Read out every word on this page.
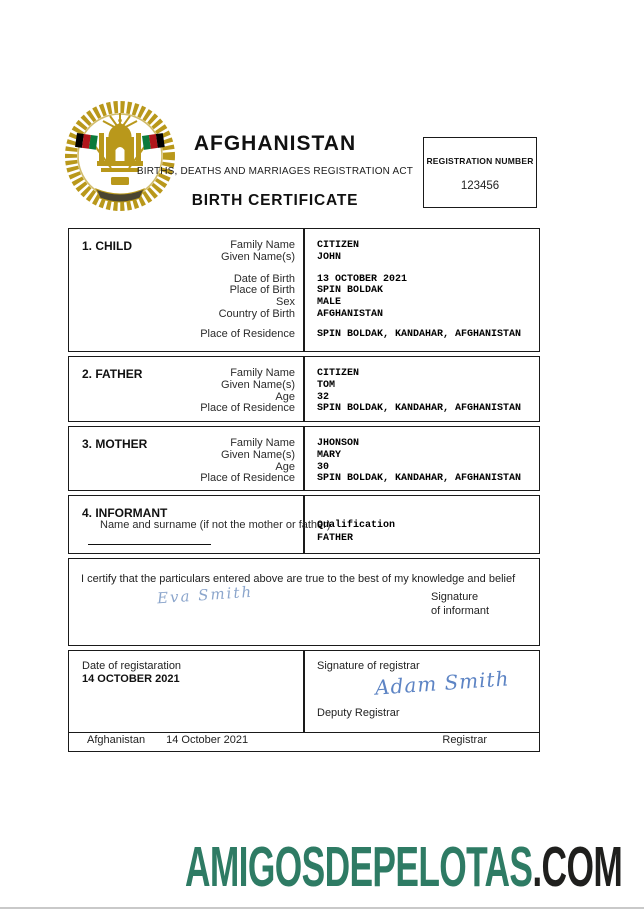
AFGHANISTAN
BIRTHS, DEATHS AND MARRIAGES REGISTRATION ACT
BIRTH CERTIFICATE
REGISTRATION NUMBER
123456
1. CHILD	Family Name	CITIZEN
Given Name(s)	JOHN
Date of Birth	13 OCTOBER 2021
Place of Birth	SPIN BOLDAK
Sex	MALE
Country of Birth	AFGHANISTAN
Place of Residence	SPIN BOLDAK, KANDAHAR, AFGHANISTAN
2. FATHER	Family Name	CITIZEN
Given Name(s)	TOM
Age	32
Place of Residence	SPIN BOLDAK, KANDAHAR, AFGHANISTAN
3. MOTHER	Family Name	JHONSON
Given Name(s)	MARY
Age	30
Place of Residence	SPIN BOLDAK, KANDAHAR, AFGHANISTAN
4. INFORMANT
Name and surname (if not the mother or father)
Qualification
FATHER
I certify that the particulars entered above are true to the best of my knowledge and belief
Eva Smith	Signature
of informant
Date of registaration
14 OCTOBER 2021
Signature of registrar
Adam Smith
Deputy Registrar
Afghanistan 14 October 2021	Registrar
AMIGOSDEPELOTAS.COM
